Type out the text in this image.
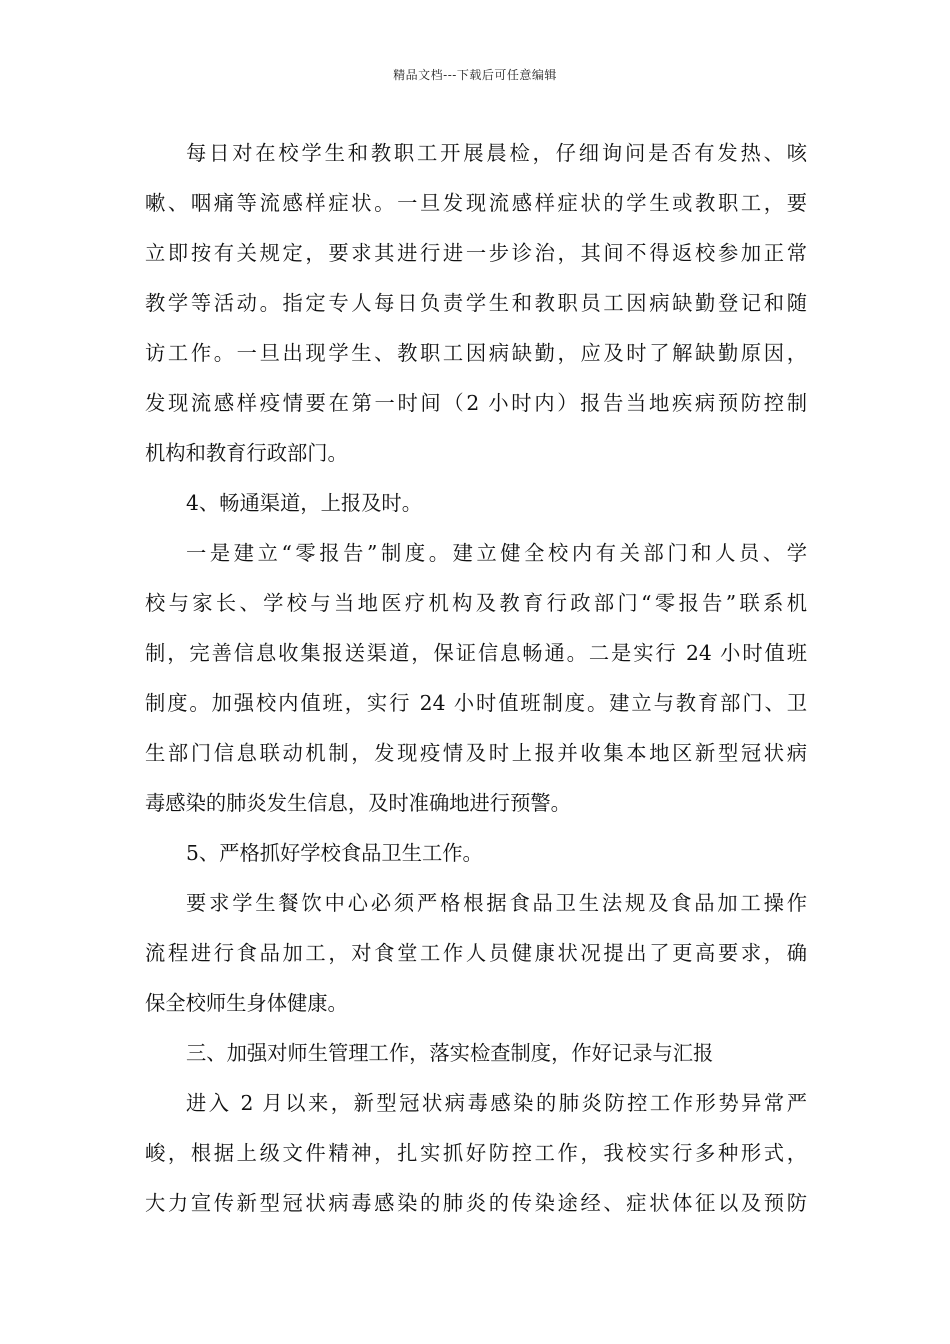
精品文档---下载后可任意编辑
每日对在校学生和教职工开展晨检，仔细询问是否有发热、咳
嗽、咽痛等流感样症状。一旦发现流感样症状的学生或教职工，要
立即按有关规定，要求其进行进一步诊治，其间不得返校参加正常
教学等活动。指定专人每日负责学生和教职员工因病缺勤登记和随
访工作。一旦出现学生、教职工因病缺勤，应及时了解缺勤原因，
发现流感样疫情要在第一时间（2 小时内）报告当地疾病预防控制
机构和教育行政部门。
4、畅通渠道，上报及时。
一是建立“零报告”制度。建立健全校内有关部门和人员、学
校与家长、学校与当地医疗机构及教育行政部门“零报告”联系机
制，完善信息收集报送渠道，保证信息畅通。二是实行 24 小时值班
制度。加强校内值班，实行 24 小时值班制度。建立与教育部门、卫
生部门信息联动机制，发现疫情及时上报并收集本地区新型冠状病
毒感染的肺炎发生信息，及时准确地进行预警。
5、严格抓好学校食品卫生工作。
要求学生餐饮中心必须严格根据食品卫生法规及食品加工操作
流程进行食品加工，对食堂工作人员健康状况提出了更高要求，确
保全校师生身体健康。
三、加强对师生管理工作，落实检查制度，作好记录与汇报
进入 2 月以来，新型冠状病毒感染的肺炎防控工作形势异常严
峻，根据上级文件精神，扎实抓好防控工作，我校实行多种形式，
大力宣传新型冠状病毒感染的肺炎的传染途经、症状体征以及预防
